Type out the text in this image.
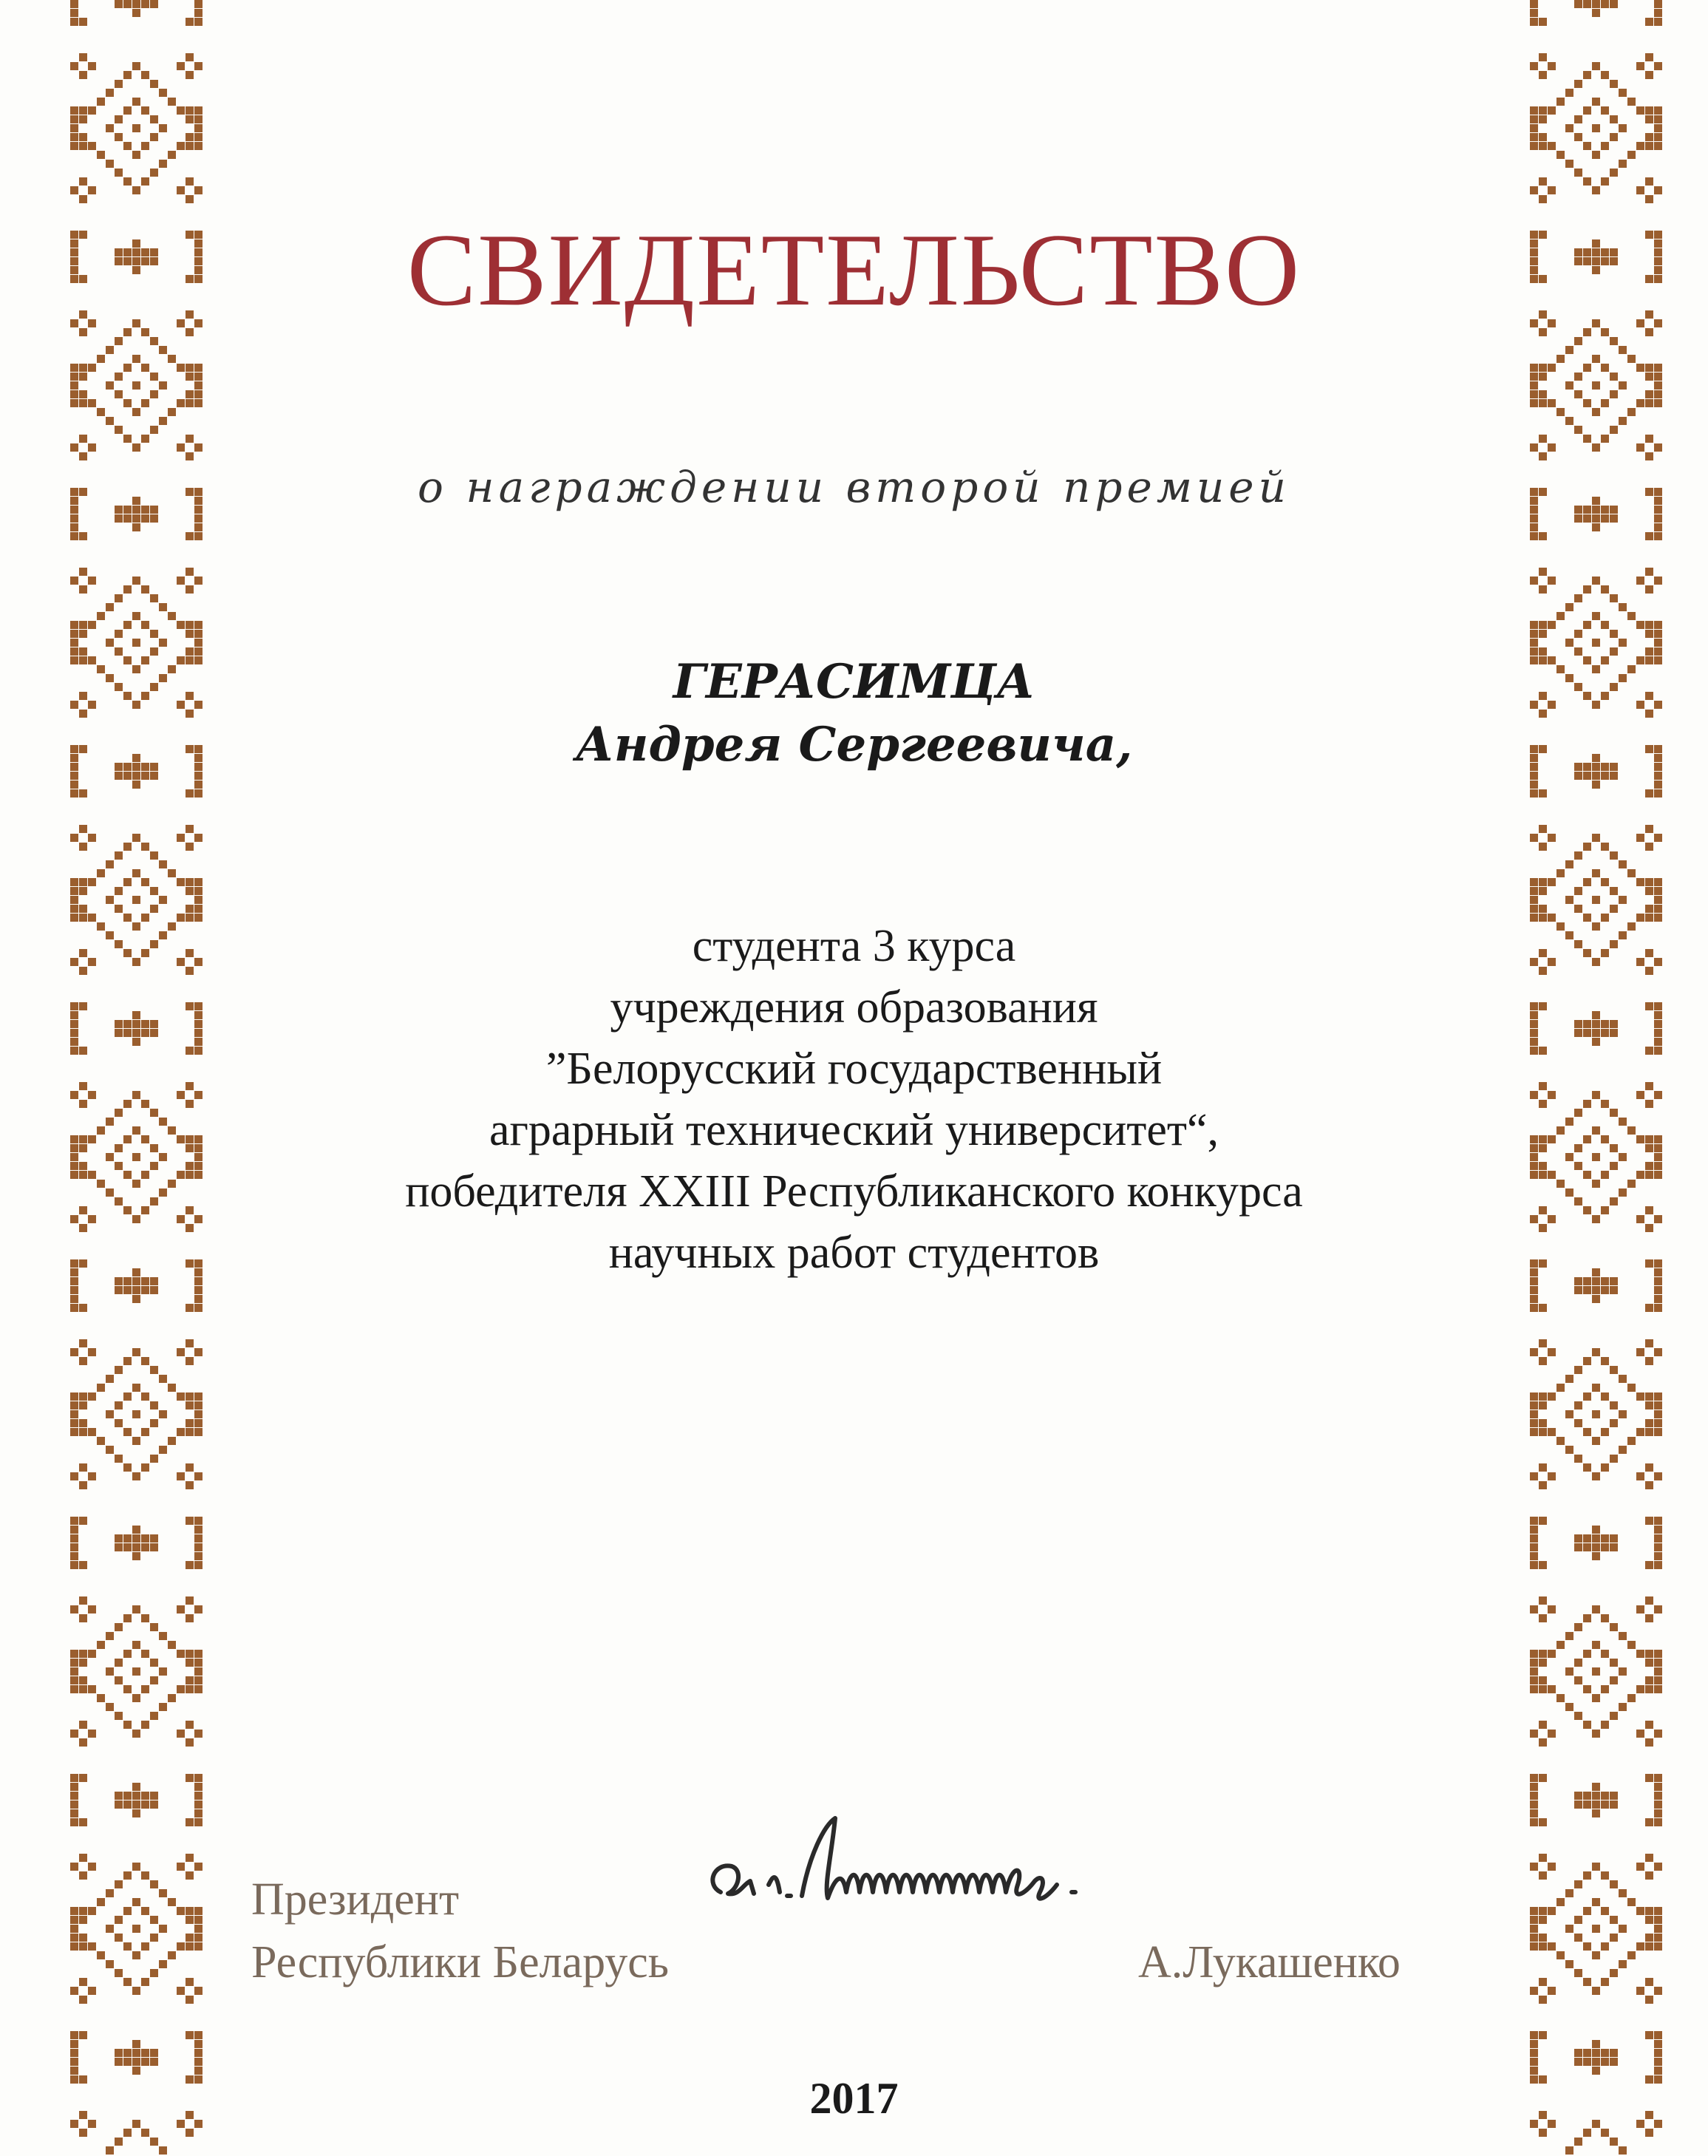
СВИДЕТЕЛЬСТВО
о награждении второй премией
ГЕРАСИМЦА
Андрея Сергеевича,
студента 3 курса
учреждения образования
”Белорусский государственный
аграрный технический университет“,
победителя XXIII Республиканского конкурса
научных работ студентов
Президент
Республики Беларусь	А.Лукашенко
2017
